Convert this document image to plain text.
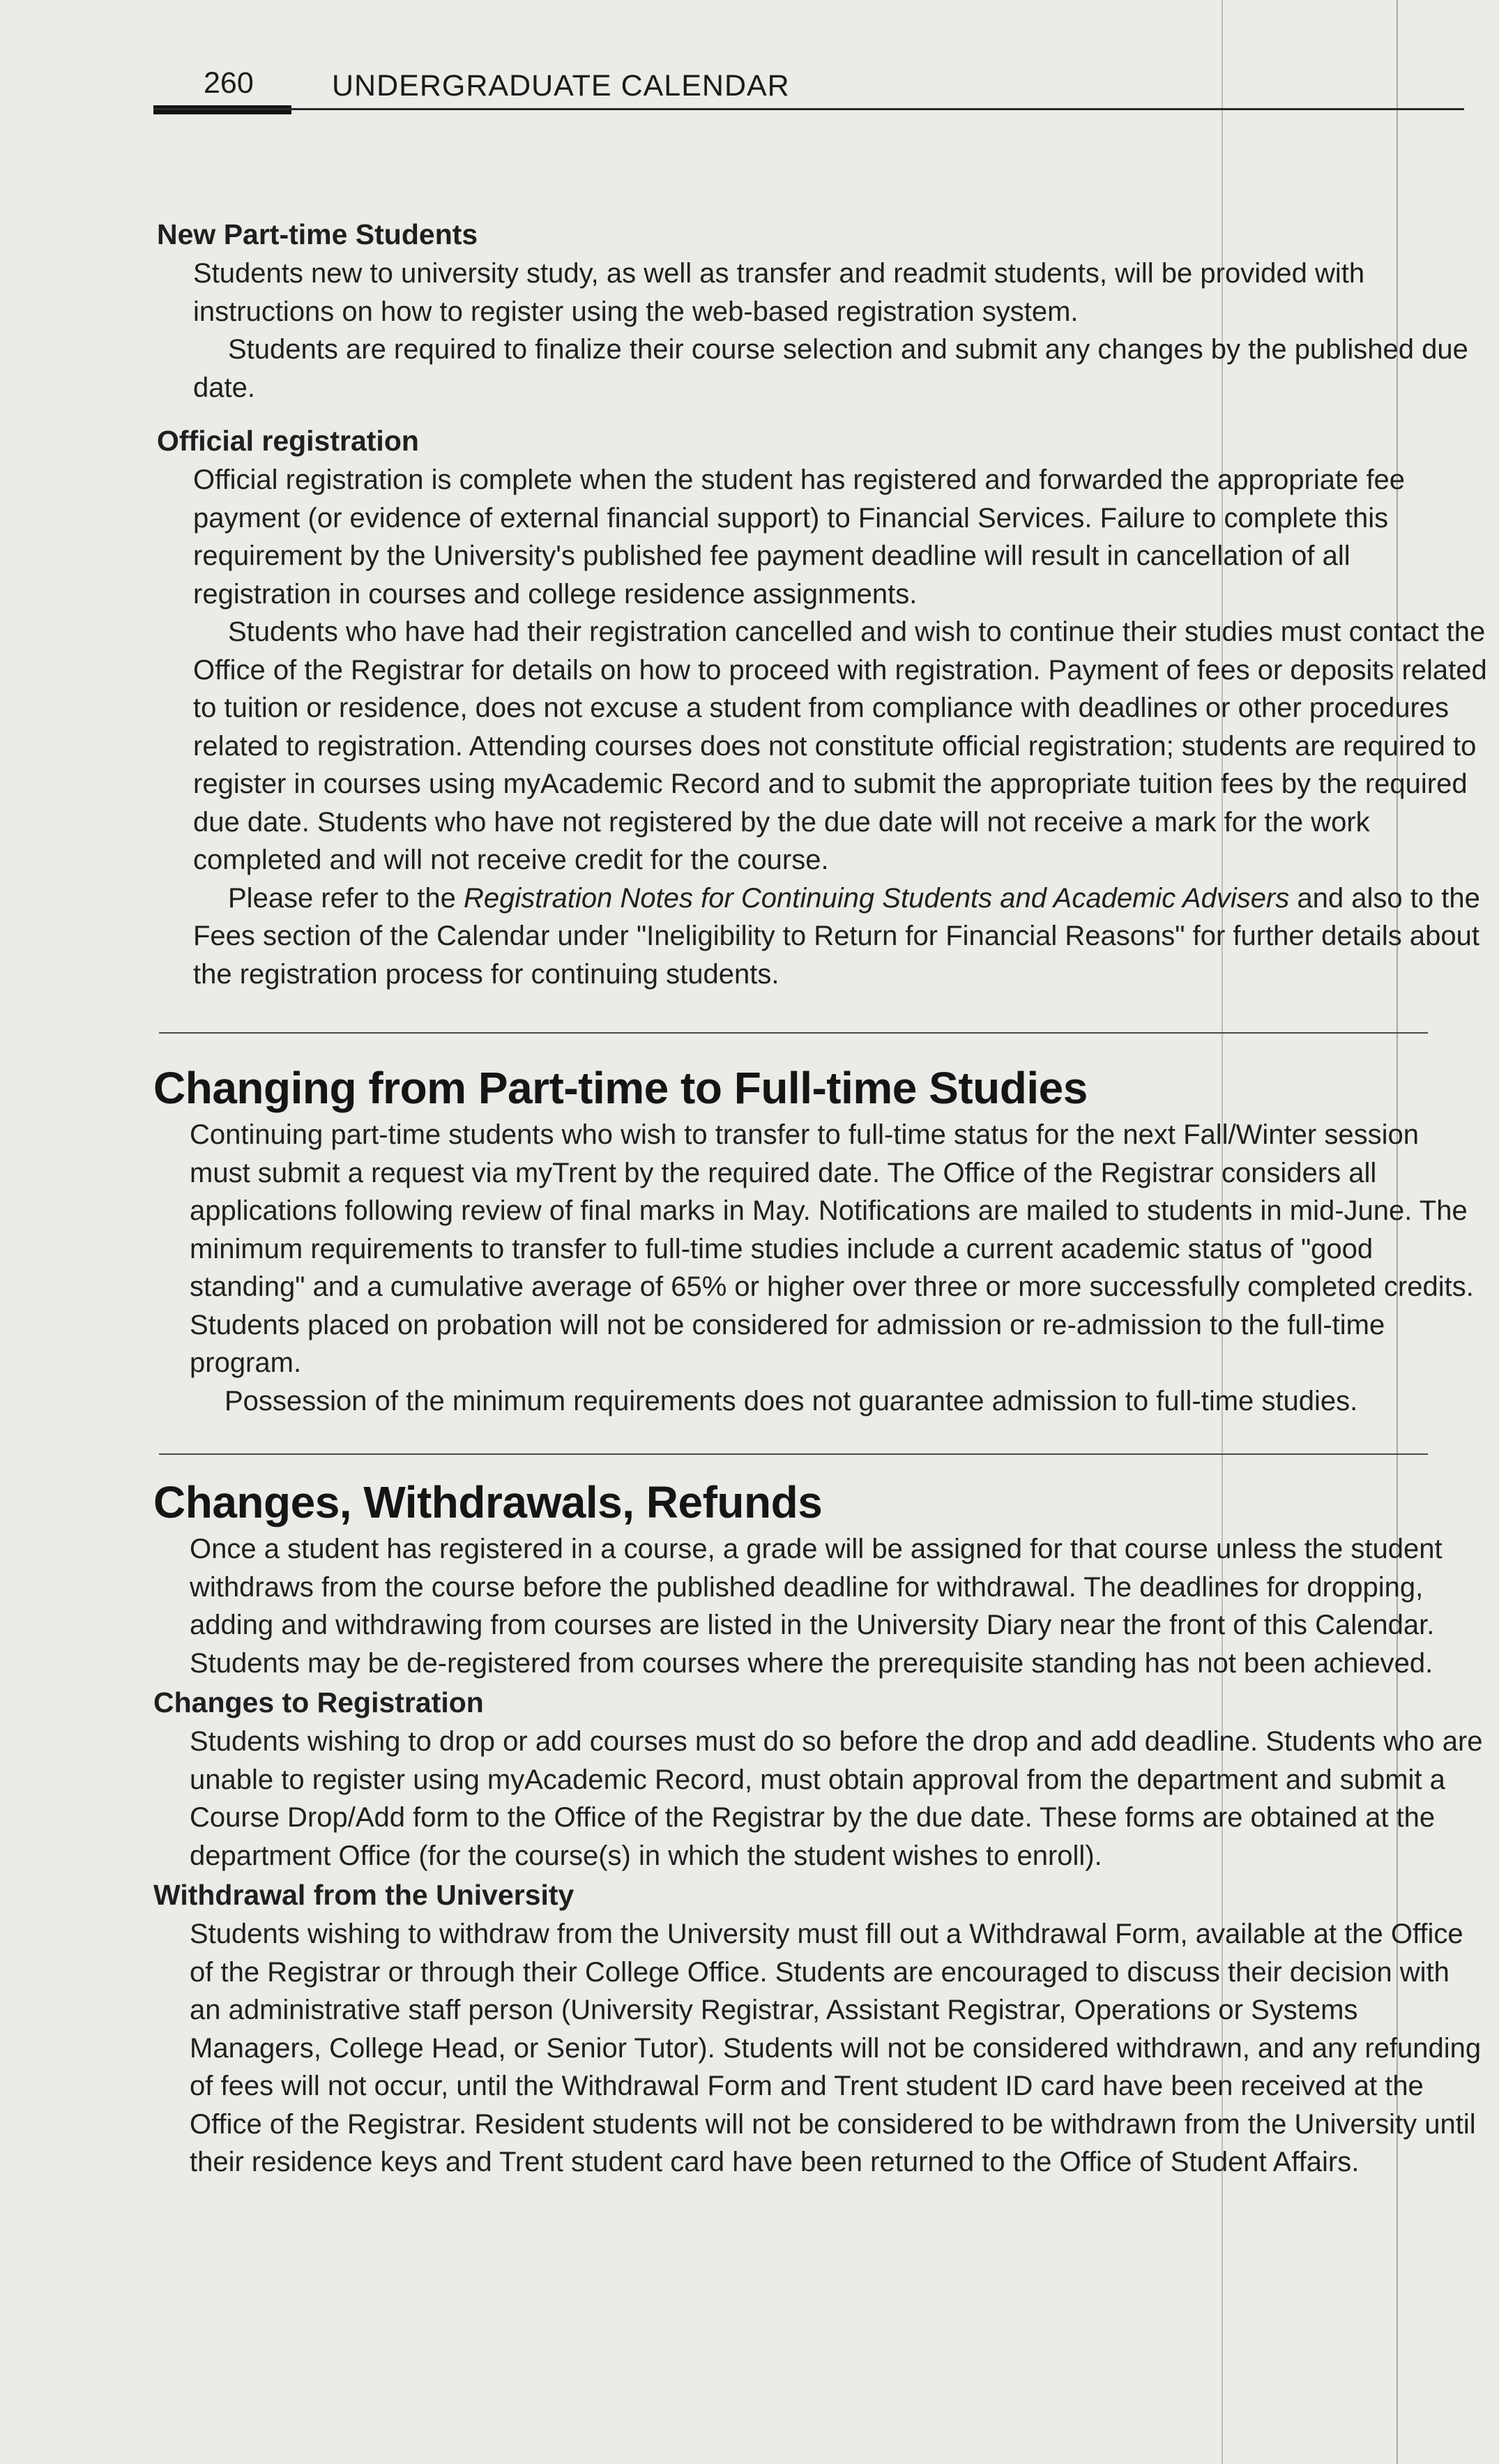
260	UNDERGRADUATE CALENDAR
New Part-time Students

Students new to university study, as well as transfer and readmit students, will be provided with instructions on how to register using the web-based registration system.

Students are required to finalize their course selection and submit any changes by the published due date.

Official registration

Official registration is complete when the student has registered and forwarded the appropriate fee payment (or evidence of external financial support) to Financial Services. Failure to complete this requirement by the University's published fee payment deadline will result in cancellation of all registration in courses and college residence assignments.

Students who have had their registration cancelled and wish to continue their studies must contact the Office of the Registrar for details on how to proceed with registration. Payment of fees or deposits related to tuition or residence, does not excuse a student from compliance with deadlines or other procedures related to registration. Attending courses does not constitute official registration; students are required to register in courses using myAcademic Record and to submit the appropriate tuition fees by the required due date. Students who have not registered by the due date will not receive a mark for the work completed and will not receive credit for the course.

Please refer to the Registration Notes for Continuing Students and Academic Advisers and also to the Fees section of the Calendar under "Ineligibility to Return for Financial Reasons" for further details about the registration process for continuing students.

Changing from Part-time to Full-time Studies

Continuing part-time students who wish to transfer to full-time status for the next Fall/Winter session must submit a request via myTrent by the required date. The Office of the Registrar considers all applications following review of final marks in May. Notifications are mailed to students in mid-June. The minimum requirements to transfer to full-time studies include a current academic status of "good standing" and a cumulative average of 65% or higher over three or more successfully completed credits. Students placed on probation will not be considered for admission or re-admission to the full-time program.

Possession of the minimum requirements does not guarantee admission to full-time studies.

Changes, Withdrawals, Refunds

Once a student has registered in a course, a grade will be assigned for that course unless the student withdraws from the course before the published deadline for withdrawal. The deadlines for dropping, adding and withdrawing from courses are listed in the University Diary near the front of this Calendar. Students may be de-registered from courses where the prerequisite standing has not been achieved.

Changes to Registration

Students wishing to drop or add courses must do so before the drop and add deadline. Students who are unable to register using myAcademic Record, must obtain approval from the department and submit a Course Drop/Add form to the Office of the Registrar by the due date. These forms are obtained at the department Office (for the course(s) in which the student wishes to enroll).

Withdrawal from the University

Students wishing to withdraw from the University must fill out a Withdrawal Form, available at the Office of the Registrar or through their College Office. Students are encouraged to discuss their decision with an administrative staff person (University Registrar, Assistant Registrar, Operations or Systems Managers, College Head, or Senior Tutor). Students will not be considered withdrawn, and any refunding of fees will not occur, until the Withdrawal Form and Trent student ID card have been received at the Office of the Registrar. Resident students will not be considered to be withdrawn from the University until their residence keys and Trent student card have been returned to the Office of Student Affairs.
